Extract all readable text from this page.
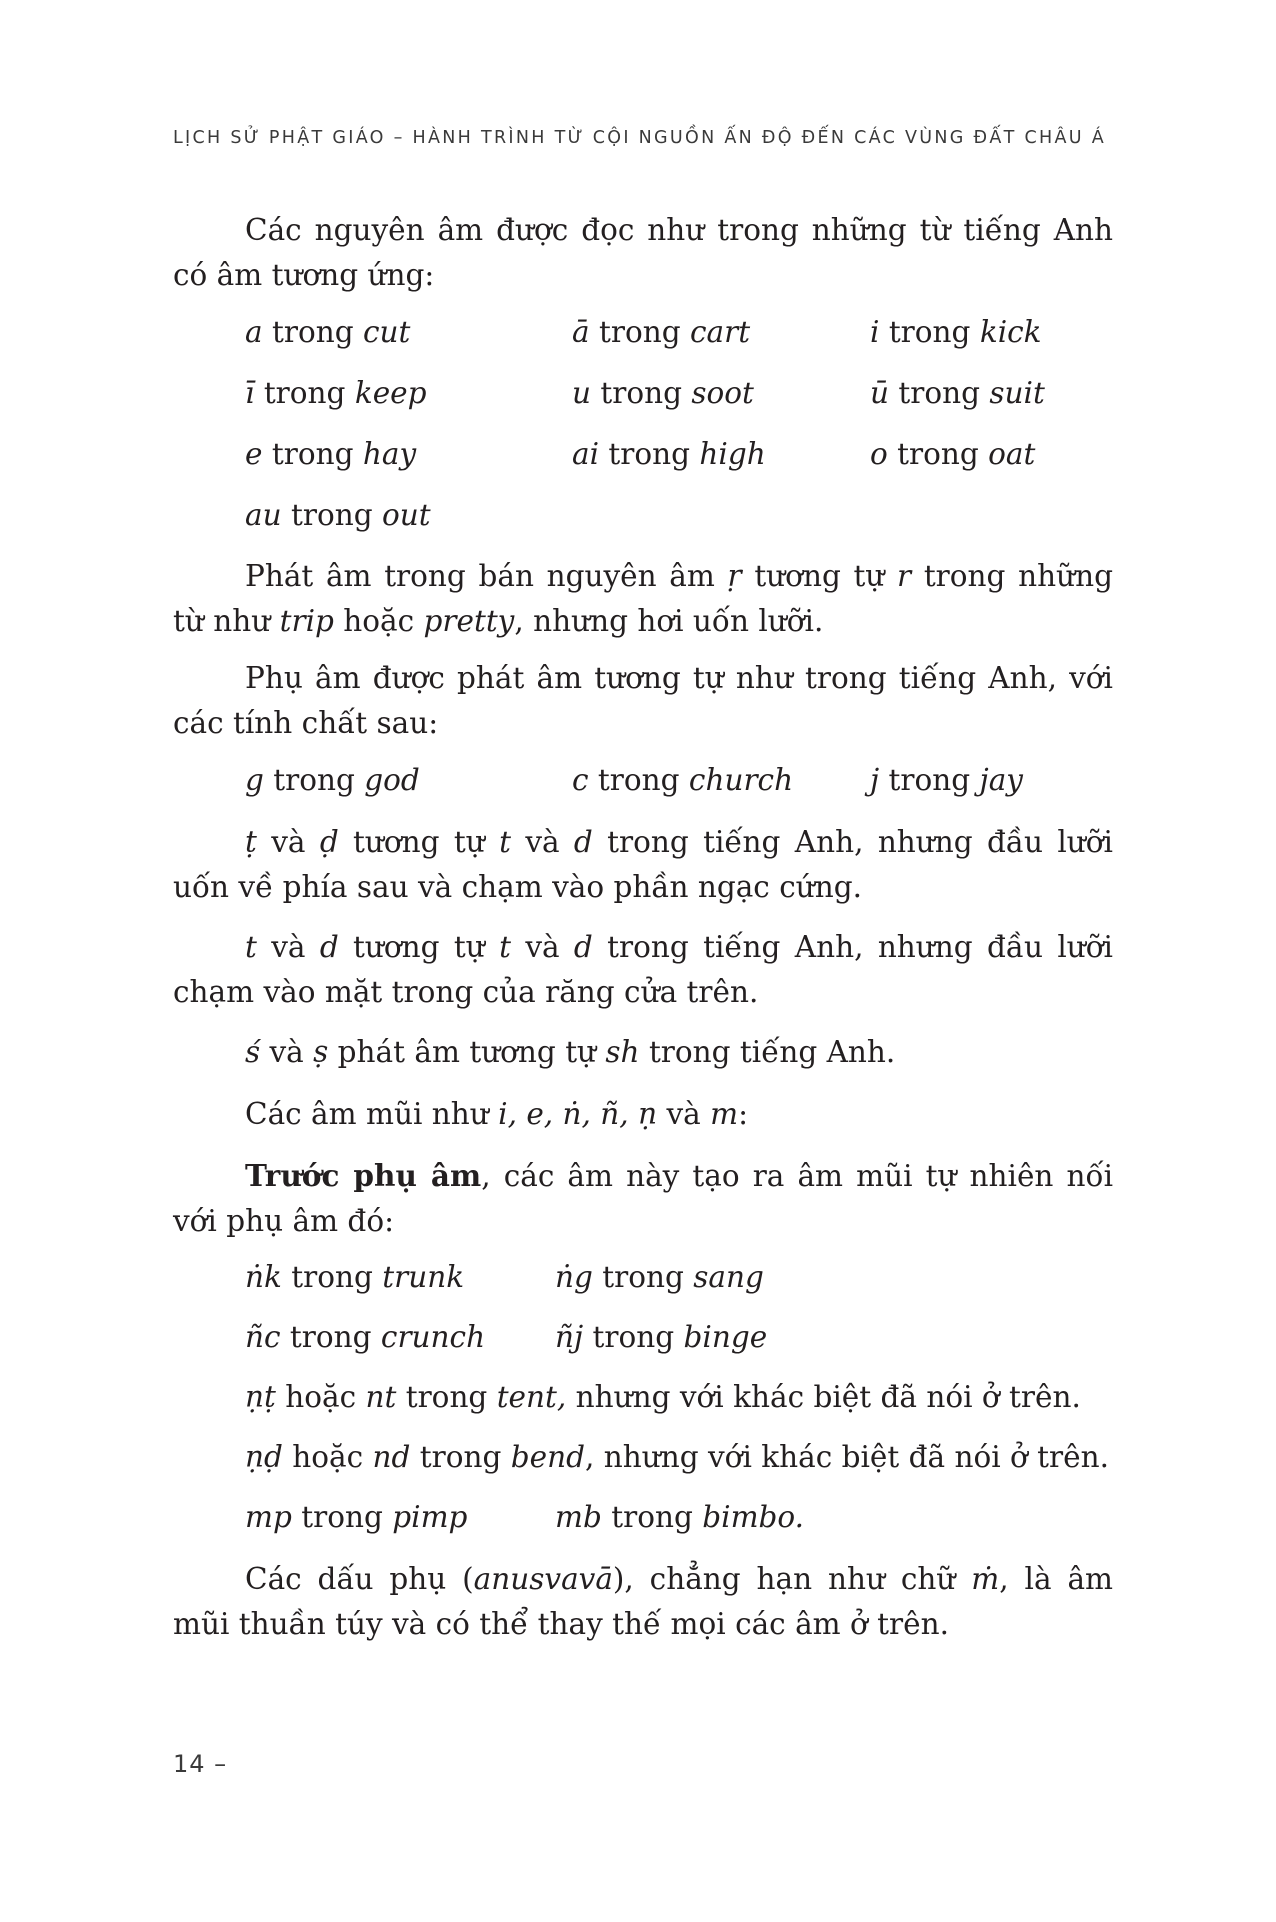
LỊCH SỬ PHẬT GIÁO – HÀNH TRÌNH TỪ CỘI NGUỒN ẤN ĐỘ ĐẾN CÁC VÙNG ĐẤT CHÂU Á
Các nguyên âm được đọc như trong những từ tiếng Anh có âm tương ứng:
a trong cut	ā trong cart	i trong kick
ī trong keep	u trong soot	ū trong suit
e trong hay	ai trong high	o trong oat
au trong out
Phát âm trong bán nguyên âm ṛ tương tự r trong những từ như trip hoặc pretty, nhưng hơi uốn lưỡi.
Phụ âm được phát âm tương tự như trong tiếng Anh, với các tính chất sau:
g trong god	c trong church	j trong jay
ṭ và ḍ tương tự t và d trong tiếng Anh, nhưng đầu lưỡi uốn về phía sau và chạm vào phần ngạc cứng.
t và d tương tự t và d trong tiếng Anh, nhưng đầu lưỡi chạm vào mặt trong của răng cửa trên.
ś và ṣ phát âm tương tự sh trong tiếng Anh.
Các âm mũi như i, e, ṅ, ñ, ṇ và m:
Trước phụ âm, các âm này tạo ra âm mũi tự nhiên nối với phụ âm đó:
ṅk trong trunk	ṅg trong sang
ñc trong crunch ñj trong binge
ṇṭ hoặc nt trong tent, nhưng với khác biệt đã nói ở trên.
ṇḍ hoặc nd trong bend, nhưng với khác biệt đã nói ở trên.
mp trong pimp	mb trong bimbo.
Các dấu phụ (anusvavā), chẳng hạn như chữ ṁ, là âm mũi thuần túy và có thể thay thế mọi các âm ở trên.
14 –
